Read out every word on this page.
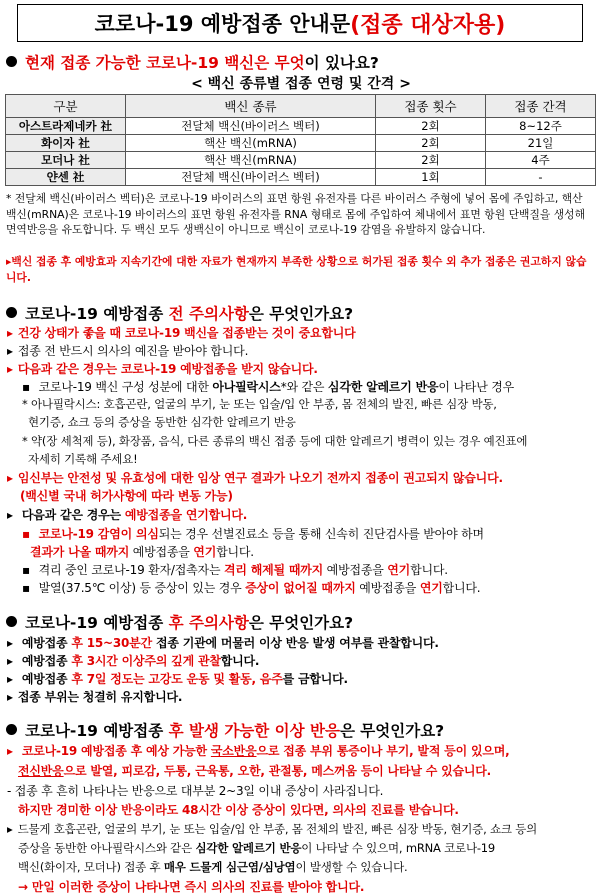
코로나-19 예방접종 안내문 (접종 대상자용)
현재 접종 가능한 코로나-19 백신은 무엇이 있나요?
< 백신 종류별 접종 연령 및 간격 >
구분	백신 종류	접종 횟수	접종 간격
아스트라제네카 社	전달체 백신(바이러스 벡터)	2회	8~12주
화이자 社	핵산 백신(mRNA)	2회	21일
모더나 社	핵산 백신(mRNA)	2회	4주
얀센 社	전달체 백신(바이러스 벡터)	1회	-
* 전달체 백신(바이러스 벡터)은 코로나-19 바이러스의 표면 항원 유전자를 다른 바이러스 주형에 넣어 몸에 주입하고, 핵산 백신(mRNA)은 코로나-19 바이러스의 표면 항원 유전자를 RNA 형태로 몸에 주입하여 체내에서 표면 항원 단백질을 생성해 면역반응을 유도합니다. 두 백신 모두 생백신이 아니므로 백신이 코로나-19 감염을 유발하지 않습니다.
▸백신 접종 후 예방효과 지속기간에 대한 자료가 현재까지 부족한 상황으로 허가된 접종 횟수 외 추가 접종은 권고하지 않습니다.
코로나-19 예방접종 전 주의사항은 무엇인가요?
▸ 건강 상태가 좋을 때 코로나-19 백신을 접종받는 것이 중요합니다
▸ 접종 전 반드시 의사의 예진을 받아야 합니다.
▸ 다음과 같은 경우는 코로나-19 예방접종을 받지 않습니다.
▪ 코로나-19 백신 구성 성분에 대한 아나필락시스*와 같은 심각한 알레르기 반응이 나타난 경우
* 아나필락시스: 호흡곤란, 얼굴의 부기, 눈 또는 입술/입 안 부종, 몸 전체의 발진, 빠른 심장 박동,
현기증, 쇼크 등의 증상을 동반한 심각한 알레르기 반응
* 약(장 세척제 등), 화장품, 음식, 다른 종류의 백신 접종 등에 대한 알레르기 병력이 있는 경우 예진표에
자세히 기록해 주세요!
▸ 임신부는 안전성 및 유효성에 대한 임상 연구 결과가 나오기 전까지 접종이 권고되지 않습니다.
(백신별 국내 허가사항에 따라 변동 가능)
▸ 다음과 같은 경우는 예방접종을 연기합니다.
▪ 코로나-19 감염이 의심되는 경우 선별진료소 등을 통해 신속히 진단검사를 받아야 하며
결과가 나올 때까지 예방접종을 연기합니다.
▪ 격리 중인 코로나-19 환자/접촉자는 격리 해제될 때까지 예방접종을 연기합니다.
▪ 발열(37.5℃ 이상) 등 증상이 있는 경우 증상이 없어질 때까지 예방접종을 연기합니다.
코로나-19 예방접종 후 주의사항은 무엇인가요?
▸ 예방접종 후 15~30분간 접종 기관에 머물러 이상 반응 발생 여부를 관찰합니다.
▸ 예방접종 후 3시간 이상주의 깊게 관찰합니다.
▸ 예방접종 후 7일 정도는 고강도 운동 및 활동, 음주를 금합니다.
▸ 접종 부위는 청결히 유지합니다.
코로나-19 예방접종 후 발생 가능한 이상 반응은 무엇인가요?
▸ 코로나-19 예방접종 후 예상 가능한 국소반응으로 접종 부위 통증이나 부기, 발적 등이 있으며,
전신반응으로 발열, 피로감, 두통, 근육통, 오한, 관절통, 메스꺼움 등이 나타날 수 있습니다.
- 접종 후 흔히 나타나는 반응으로 대부분 2~3일 이내 증상이 사라집니다.
하지만 경미한 이상 반응이라도 48시간 이상 증상이 있다면, 의사의 진료를 받습니다.
▸ 드물게 호흡곤란, 얼굴의 부기, 눈 또는 입술/입 안 부종, 몸 전체의 발진, 빠른 심장 박동, 현기증, 쇼크 등의
증상을 동반한 아나필락시스와 같은 심각한 알레르기 반응이 나타날 수 있으며, mRNA 코로나-19
백신(화이자, 모더나) 접종 후 매우 드물게 심근염/심낭염이 발생할 수 있습니다.
→ 만일 이러한 증상이 나타나면 즉시 의사의 진료를 받아야 합니다.
